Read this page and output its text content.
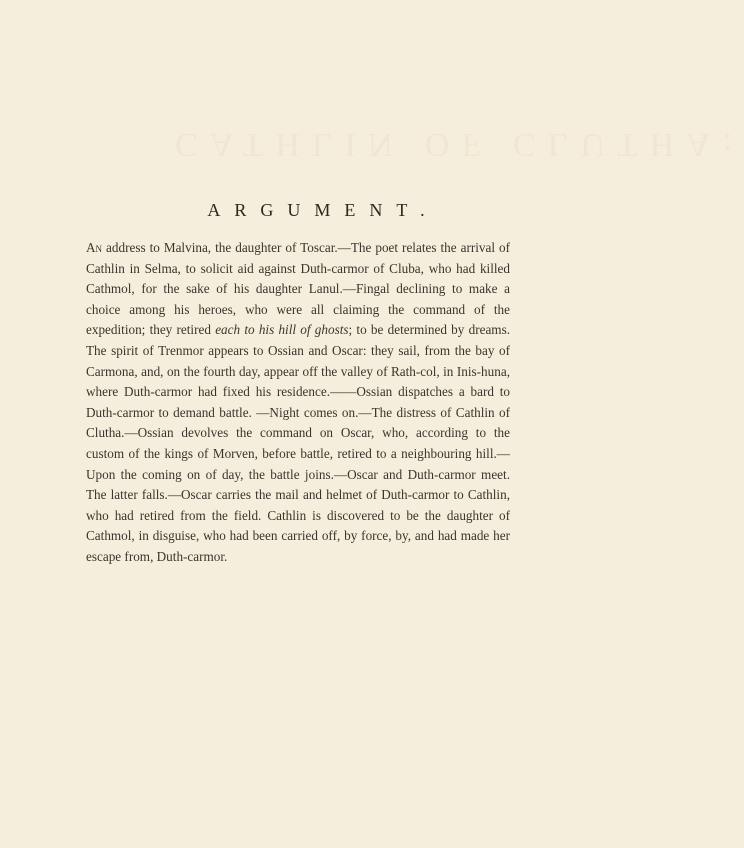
CATHLIN OF CLUTHA:
ARGUMENT.
An address to Malvina, the daughter of Toscar.—The poet relates the arrival of Cathlin in Selma, to solicit aid against Duth-carmor of Cluba, who had killed Cathmol, for the sake of his daughter Lanul.—Fingal declining to make a choice among his heroes, who were all claiming the command of the expedition; they retired each to his hill of ghosts; to be determined by dreams. The spirit of Trenmor appears to Ossian and Oscar: they sail, from the bay of Carmona, and, on the fourth day, appear off the valley of Rath-col, in Inis-huna, where Duth-carmor had fixed his residence.——Ossian dispatches a bard to Duth-carmor to demand battle. —Night comes on.—The distress of Cathlin of Clutha.—Ossian devolves the command on Oscar, who, according to the custom of the kings of Morven, before battle, retired to a neighbouring hill.—Upon the coming on of day, the battle joins.—Oscar and Duth-carmor meet. The latter falls.—Oscar carries the mail and helmet of Duth-carmor to Cathlin, who had retired from the field. Cathlin is discovered to be the daughter of Cathmol, in disguise, who had been carried off, by force, by, and had made her escape from, Duth-carmor.
